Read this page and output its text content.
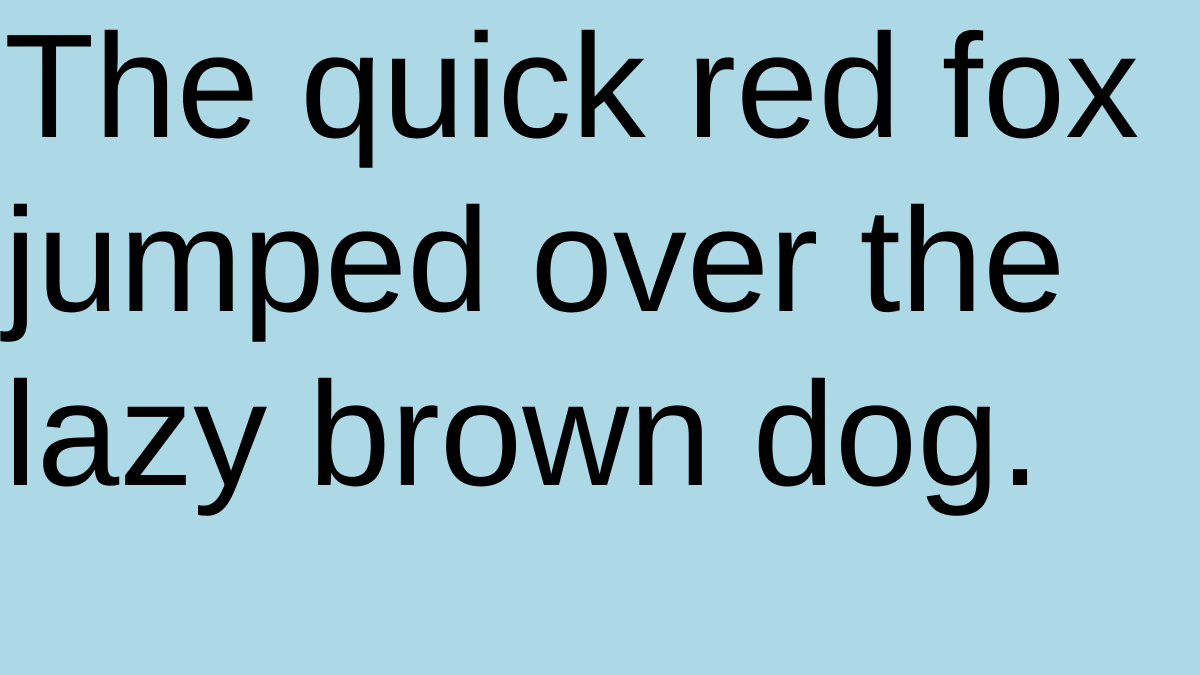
The quick red fox
jumped over the
lazy brown dog.
